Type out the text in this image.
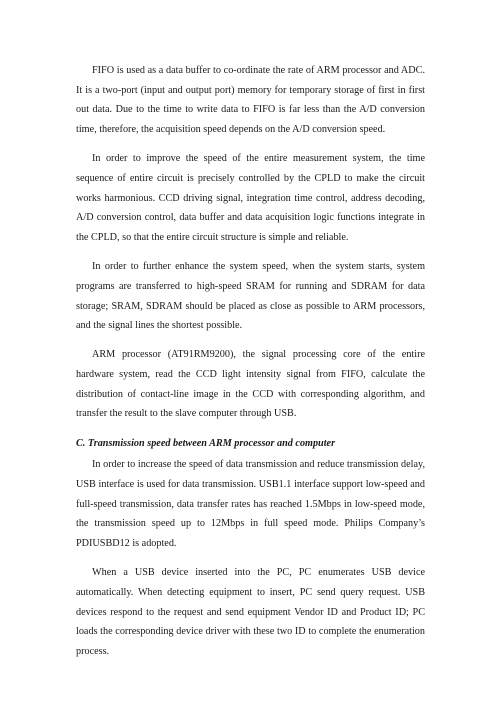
FIFO is used as a data buffer to co-ordinate the rate of ARM processor and ADC. It is a two-port (input and output port) memory for temporary storage of first in first out data. Due to the time to write data to FIFO is far less than the A/D conversion time, therefore, the acquisition speed depends on the A/D conversion speed.

In order to improve the speed of the entire measurement system, the time sequence of entire circuit is precisely controlled by the CPLD to make the circuit works harmonious. CCD driving signal, integration time control, address decoding, A/D conversion control, data buffer and data acquisition logic functions integrate in the CPLD, so that the entire circuit structure is simple and reliable.

In order to further enhance the system speed, when the system starts, system programs are transferred to high-speed SRAM for running and SDRAM for data storage; SRAM, SDRAM should be placed as close as possible to ARM processors, and the signal lines the shortest possible.

ARM processor (AT91RM9200), the signal processing core of the entire hardware system, read the CCD light intensity signal from FIFO, calculate the distribution of contact-line image in the CCD with corresponding algorithm, and transfer the result to the slave computer through USB.

C. Transmission speed between ARM processor and computer

In order to increase the speed of data transmission and reduce transmission delay, USB interface is used for data transmission. USB1.1 interface support low-speed and full-speed transmission, data transfer rates has reached 1.5Mbps in low-speed mode, the transmission speed up to 12Mbps in full speed mode. Philips Company’s PDIUSBD12 is adopted.

When a USB device inserted into the PC, PC enumerates USB device automatically. When detecting equipment to insert, PC send query request. USB devices respond to the request and send equipment Vendor ID and Product ID; PC loads the corresponding device driver with these two ID to complete the enumeration process.
